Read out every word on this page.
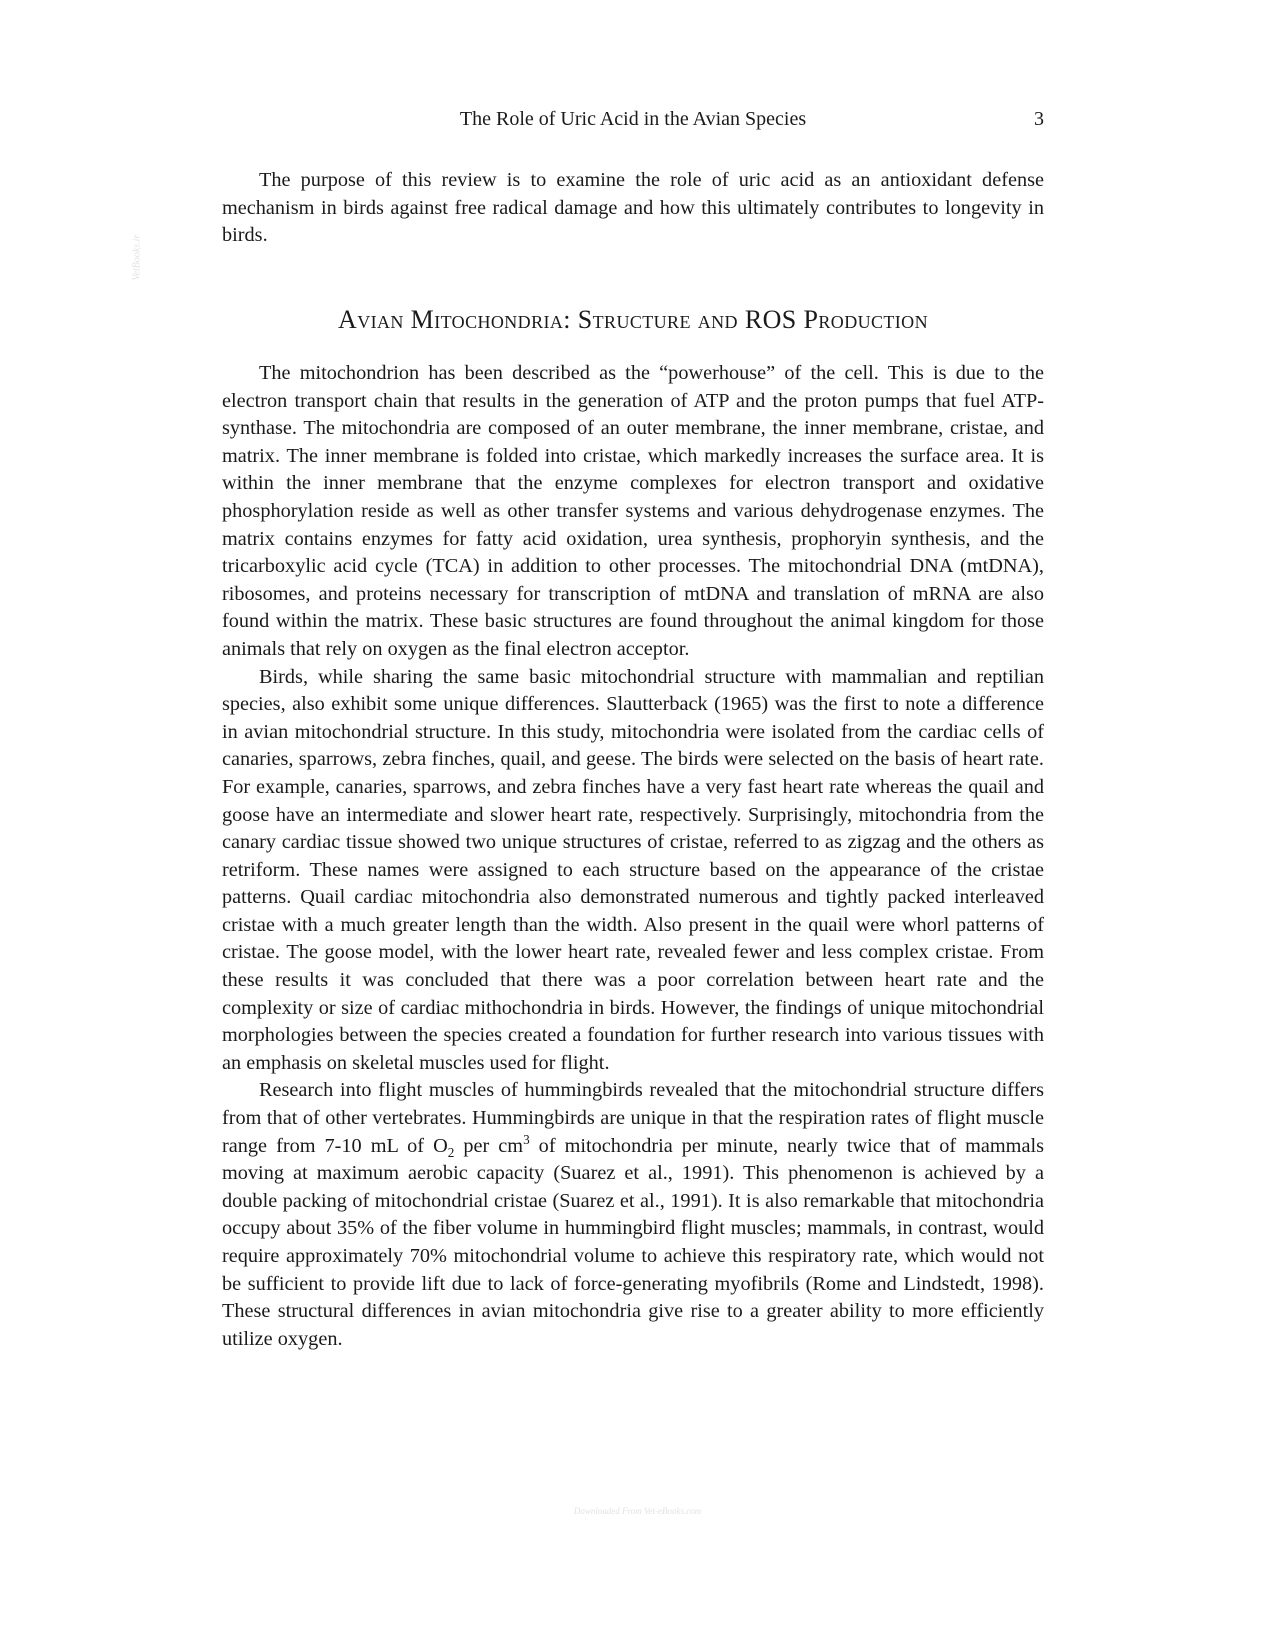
The Role of Uric Acid in the Avian Species	3
VetBooks.ir

The purpose of this review is to examine the role of uric acid as an antioxidant defense mechanism in birds against free radical damage and how this ultimately contributes to longevity in birds.

Avian Mitochondria: Structure and ROS Production

The mitochondrion has been described as the “powerhouse” of the cell. This is due to the electron transport chain that results in the generation of ATP and the proton pumps that fuel ATP-synthase. The mitochondria are composed of an outer membrane, the inner membrane, cristae, and matrix. The inner membrane is folded into cristae, which markedly increases the surface area. It is within the inner membrane that the enzyme complexes for electron transport and oxidative phosphorylation reside as well as other transfer systems and various dehydrogenase enzymes. The matrix contains enzymes for fatty acid oxidation, urea synthesis, prophoryin synthesis, and the tricarboxylic acid cycle (TCA) in addition to other processes. The mitochondrial DNA (mtDNA), ribosomes, and proteins necessary for transcription of mtDNA and translation of mRNA are also found within the matrix. These basic structures are found throughout the animal kingdom for those animals that rely on oxygen as the final electron acceptor.

Birds, while sharing the same basic mitochondrial structure with mammalian and reptilian species, also exhibit some unique differences. Slautterback (1965) was the first to note a difference in avian mitochondrial structure. In this study, mitochondria were isolated from the cardiac cells of canaries, sparrows, zebra finches, quail, and geese. The birds were selected on the basis of heart rate. For example, canaries, sparrows, and zebra finches have a very fast heart rate whereas the quail and goose have an intermediate and slower heart rate, respectively. Surprisingly, mitochondria from the canary cardiac tissue showed two unique structures of cristae, referred to as zigzag and the others as retriform. These names were assigned to each structure based on the appearance of the cristae patterns. Quail cardiac mitochondria also demonstrated numerous and tightly packed interleaved cristae with a much greater length than the width. Also present in the quail were whorl patterns of cristae. The goose model, with the lower heart rate, revealed fewer and less complex cristae. From these results it was concluded that there was a poor correlation between heart rate and the complexity or size of cardiac mithochondria in birds. However, the findings of unique mitochondrial morphologies between the species created a foundation for further research into various tissues with an emphasis on skeletal muscles used for flight.

Research into flight muscles of hummingbirds revealed that the mitochondrial structure differs from that of other vertebrates. Hummingbirds are unique in that the respiration rates of flight muscle range from 7-10 mL of $O_2$ per $cm^3$ of mitochondria per minute, nearly twice that of mammals moving at maximum aerobic capacity (Suarez et al., 1991). This phenomenon is achieved by a double packing of mitochondrial cristae (Suarez et al., 1991). It is also remarkable that mitochondria occupy about 35% of the fiber volume in hummingbird flight muscles; mammals, in contrast, would require approximately 70% mitochondrial volume to achieve this respiratory rate, which would not be sufficient to provide lift due to lack of force-generating myofibrils (Rome and Lindstedt, 1998). These structural differences in avian mitochondria give rise to a greater ability to more efficiently utilize oxygen.

Downloaded From Vet-eBooks.com
